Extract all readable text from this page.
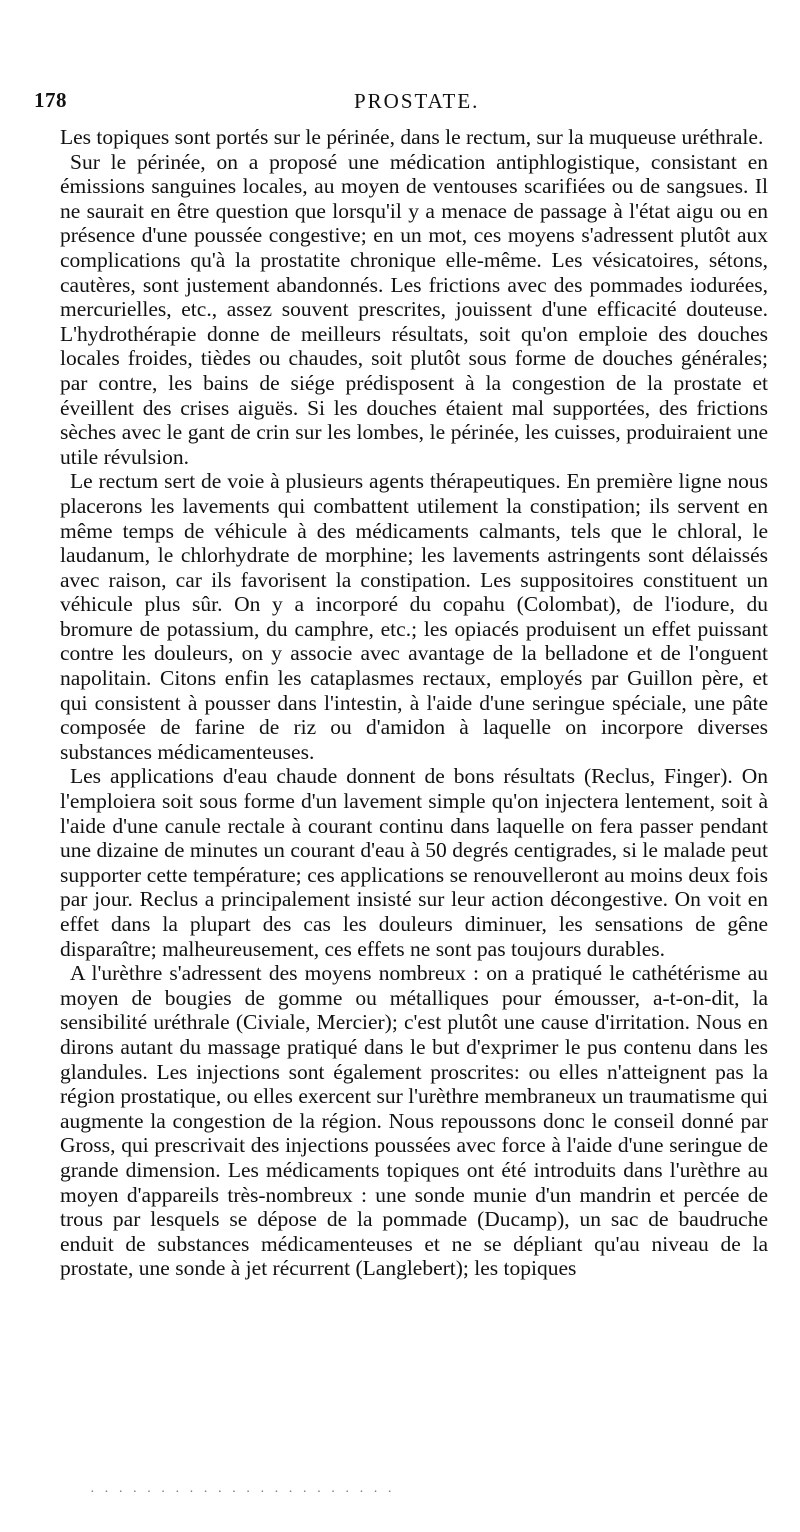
178	PROSTATE.

Les topiques sont portés sur le périnée, dans le rectum, sur la muqueuse uréthrale.

Sur le périnée, on a proposé une médication antiphlogistique, consistant en émissions sanguines locales, au moyen de ventouses scarifiées ou de sangsues. Il ne saurait en être question que lorsqu'il y a menace de passage à l'état aigu ou en présence d'une poussée congestive; en un mot, ces moyens s'adressent plutôt aux complications qu'à la prostatite chronique elle-même. Les vésicatoires, sétons, cautères, sont justement abandonnés. Les frictions avec des pommades iodurées, mercurielles, etc., assez souvent prescrites, jouissent d'une efficacité douteuse. L'hydrothérapie donne de meilleurs résultats, soit qu'on emploie des douches locales froides, tièdes ou chaudes, soit plutôt sous forme de douches générales; par contre, les bains de siége prédisposent à la congestion de la prostate et éveillent des crises aiguës. Si les douches étaient mal supportées, des frictions sèches avec le gant de crin sur les lombes, le périnée, les cuisses, produiraient une utile révulsion.

Le rectum sert de voie à plusieurs agents thérapeutiques. En première ligne nous placerons les lavements qui combattent utilement la constipation; ils servent en même temps de véhicule à des médicaments calmants, tels que le chloral, le laudanum, le chlorhydrate de morphine; les lavements astringents sont délaissés avec raison, car ils favorisent la constipation. Les suppositoires constituent un véhicule plus sûr. On y a incorporé du copahu (Colombat), de l'iodure, du bromure de potassium, du camphre, etc.; les opiacés produisent un effet puissant contre les douleurs, on y associe avec avantage de la belladone et de l'onguent napolitain. Citons enfin les cataplasmes rectaux, employés par Guillon père, et qui consistent à pousser dans l'intestin, à l'aide d'une seringue spéciale, une pâte composée de farine de riz ou d'amidon à laquelle on incorpore diverses substances médicamenteuses.

Les applications d'eau chaude donnent de bons résultats (Reclus, Finger). On l'emploiera soit sous forme d'un lavement simple qu'on injectera lentement, soit à l'aide d'une canule rectale à courant continu dans laquelle on fera passer pendant une dizaine de minutes un courant d'eau à 50 degrés centigrades, si le malade peut supporter cette température; ces applications se renouvelleront au moins deux fois par jour. Reclus a principalement insisté sur leur action décongestive. On voit en effet dans la plupart des cas les douleurs diminuer, les sensations de gêne disparaître; malheureusement, ces effets ne sont pas toujours durables.

A l'urèthre s'adressent des moyens nombreux : on a pratiqué le cathétérisme au moyen de bougies de gomme ou métalliques pour émousser, a-t-on-dit, la sensibilité uréthrale (Civiale, Mercier); c'est plutôt une cause d'irritation. Nous en dirons autant du massage pratiqué dans le but d'exprimer le pus contenu dans les glandules. Les injections sont également proscrites: ou elles n'atteignent pas la région prostatique, ou elles exercent sur l'urèthre membraneux un traumatisme qui augmente la congestion de la région. Nous repoussons donc le conseil donné par Gross, qui prescrivait des injections poussées avec force à l'aide d'une seringue de grande dimension. Les médicaments topiques ont été introduits dans l'urèthre au moyen d'appareils très-nombreux : une sonde munie d'un mandrin et percée de trous par lesquels se dépose de la pommade (Ducamp), un sac de baudruche enduit de substances médicamenteuses et ne se dépliant qu'au niveau de la prostate, une sonde à jet récurrent (Langlebert); les topiques

· · · · · · · · · · · · · · · · · · · · · ·
